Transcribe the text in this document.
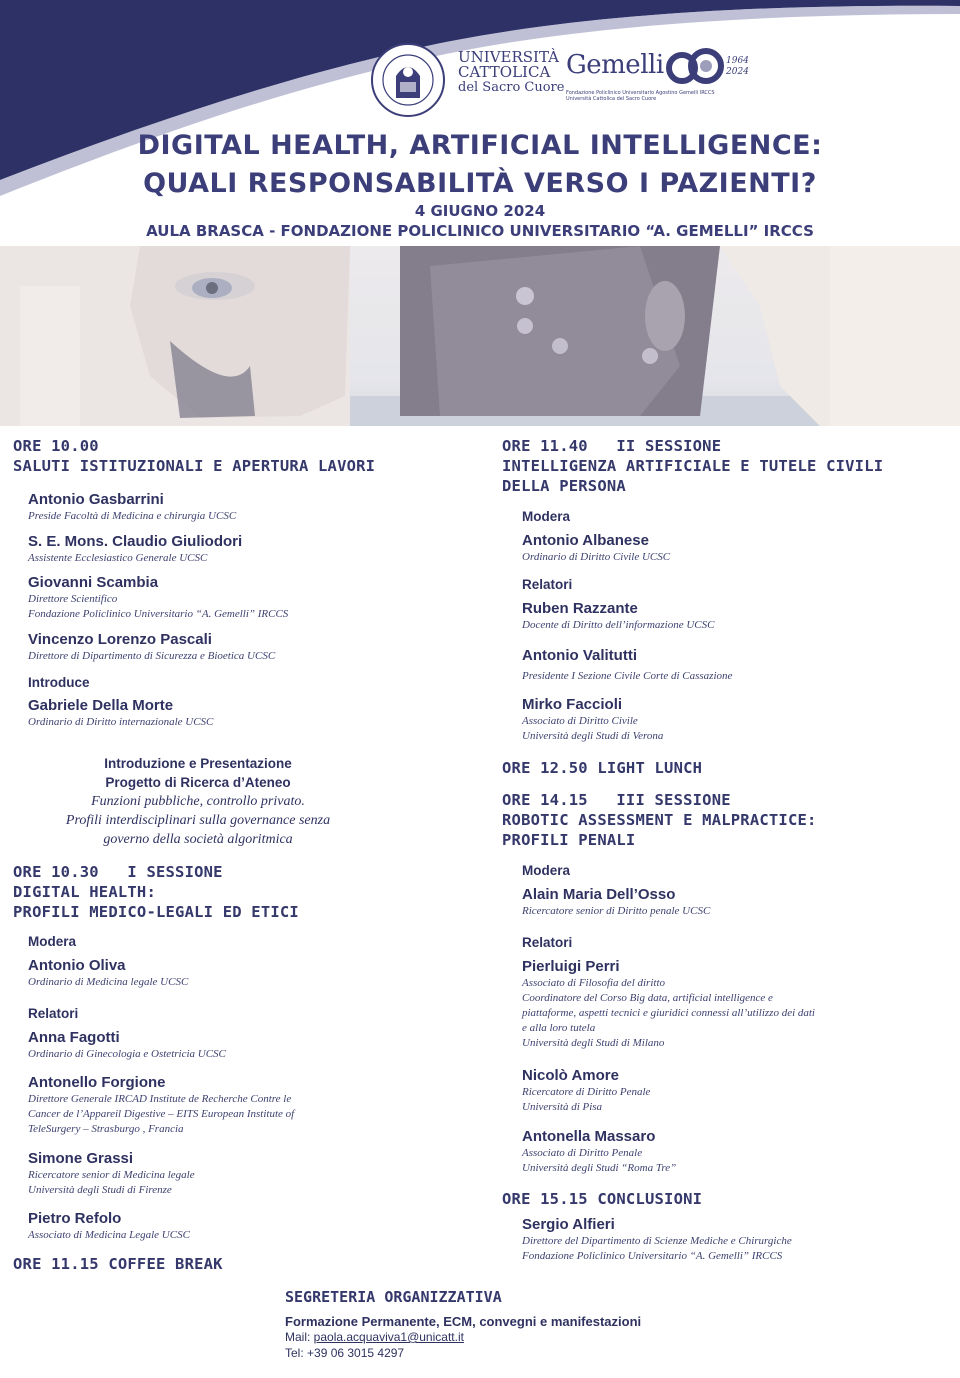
UNIVERSITÀ
CATTOLICA
del Sacro Cuore
Gemelli	1964
2024
Fondazione Policlinico Universitario Agostino Gemelli IRCCS
Università Cattolica del Sacro Cuore
DIGITAL HEALTH, ARTIFICIAL INTELLIGENCE:
QUALI RESPONSABILITÀ VERSO I PAZIENTI?
4 GIUGNO 2024
AULA BRASCA - FONDAZIONE POLICLINICO UNIVERSITARIO “A. GEMELLI” IRCCS
ORE 10.00
SALUTI ISTITUZIONALI E APERTURA LAVORI
Antonio Gasbarrini
Preside Facoltà di Medicina e chirurgia UCSC
S. E. Mons. Claudio Giuliodori
Assistente Ecclesiastico Generale UCSC
Giovanni Scambia
Direttore Scientifico
Fondazione Policlinico Universitario “A. Gemelli” IRCCS
Vincenzo Lorenzo Pascali
Direttore di Dipartimento di Sicurezza e Bioetica UCSC
Introduce
Gabriele Della Morte
Ordinario di Diritto internazionale UCSC
Introduzione e Presentazione
Progetto di Ricerca d’Ateneo
Funzioni pubbliche, controllo privato.
Profili interdisciplinari sulla governance senza
governo della società algoritmica
ORE 10.30   I SESSIONE
DIGITAL HEALTH:
PROFILI MEDICO-LEGALI ED ETICI
Modera
Antonio Oliva
Ordinario di Medicina legale UCSC
Relatori
Anna Fagotti
Ordinario di Ginecologia e Ostetricia UCSC
Antonello Forgione
Direttore Generale IRCAD Institute de Recherche Contre le
Cancer de l’Appareil Digestive – EITS European Institute of
TeleSurgery – Strasburgo , Francia
Simone Grassi
Ricercatore senior di Medicina legale
Università degli Studi di Firenze
Pietro Refolo
Associato di Medicina Legale UCSC
ORE 11.15 COFFEE BREAK
ORE 11.40   II SESSIONE
INTELLIGENZA ARTIFICIALE E TUTELE CIVILI
DELLA PERSONA
Modera
Antonio Albanese
Ordinario di Diritto Civile UCSC
Relatori
Ruben Razzante
Docente di Diritto dell’informazione UCSC
Antonio Valitutti
Presidente I Sezione Civile Corte di Cassazione
Mirko Faccioli
Associato di Diritto Civile
Università degli Studi di Verona
ORE 12.50 LIGHT LUNCH
ORE 14.15   III SESSIONE
ROBOTIC ASSESSMENT E MALPRACTICE:
PROFILI PENALI
Modera
Alain Maria Dell’Osso
Ricercatore senior di Diritto penale UCSC
Relatori
Pierluigi Perri
Associato di Filosofia del diritto
Coordinatore del Corso Big data, artificial intelligence e
piattaforme, aspetti tecnici e giuridici connessi all’utilizzo dei dati
e alla loro tutela
Università degli Studi di Milano
Nicolò Amore
Ricercatore di Diritto Penale
Università di Pisa
Antonella Massaro
Associato di Diritto Penale
Università degli Studi “Roma Tre”
ORE 15.15 CONCLUSIONI
Sergio Alfieri
Direttore del Dipartimento di Scienze Mediche e Chirurgiche
Fondazione Policlinico Universitario “A. Gemelli” IRCCS
SEGRETERIA ORGANIZZATIVA
Formazione Permanente, ECM, convegni e manifestazioni
Mail: paola.acquaviva1@unicatt.it
Tel: +39 06 3015 4297
